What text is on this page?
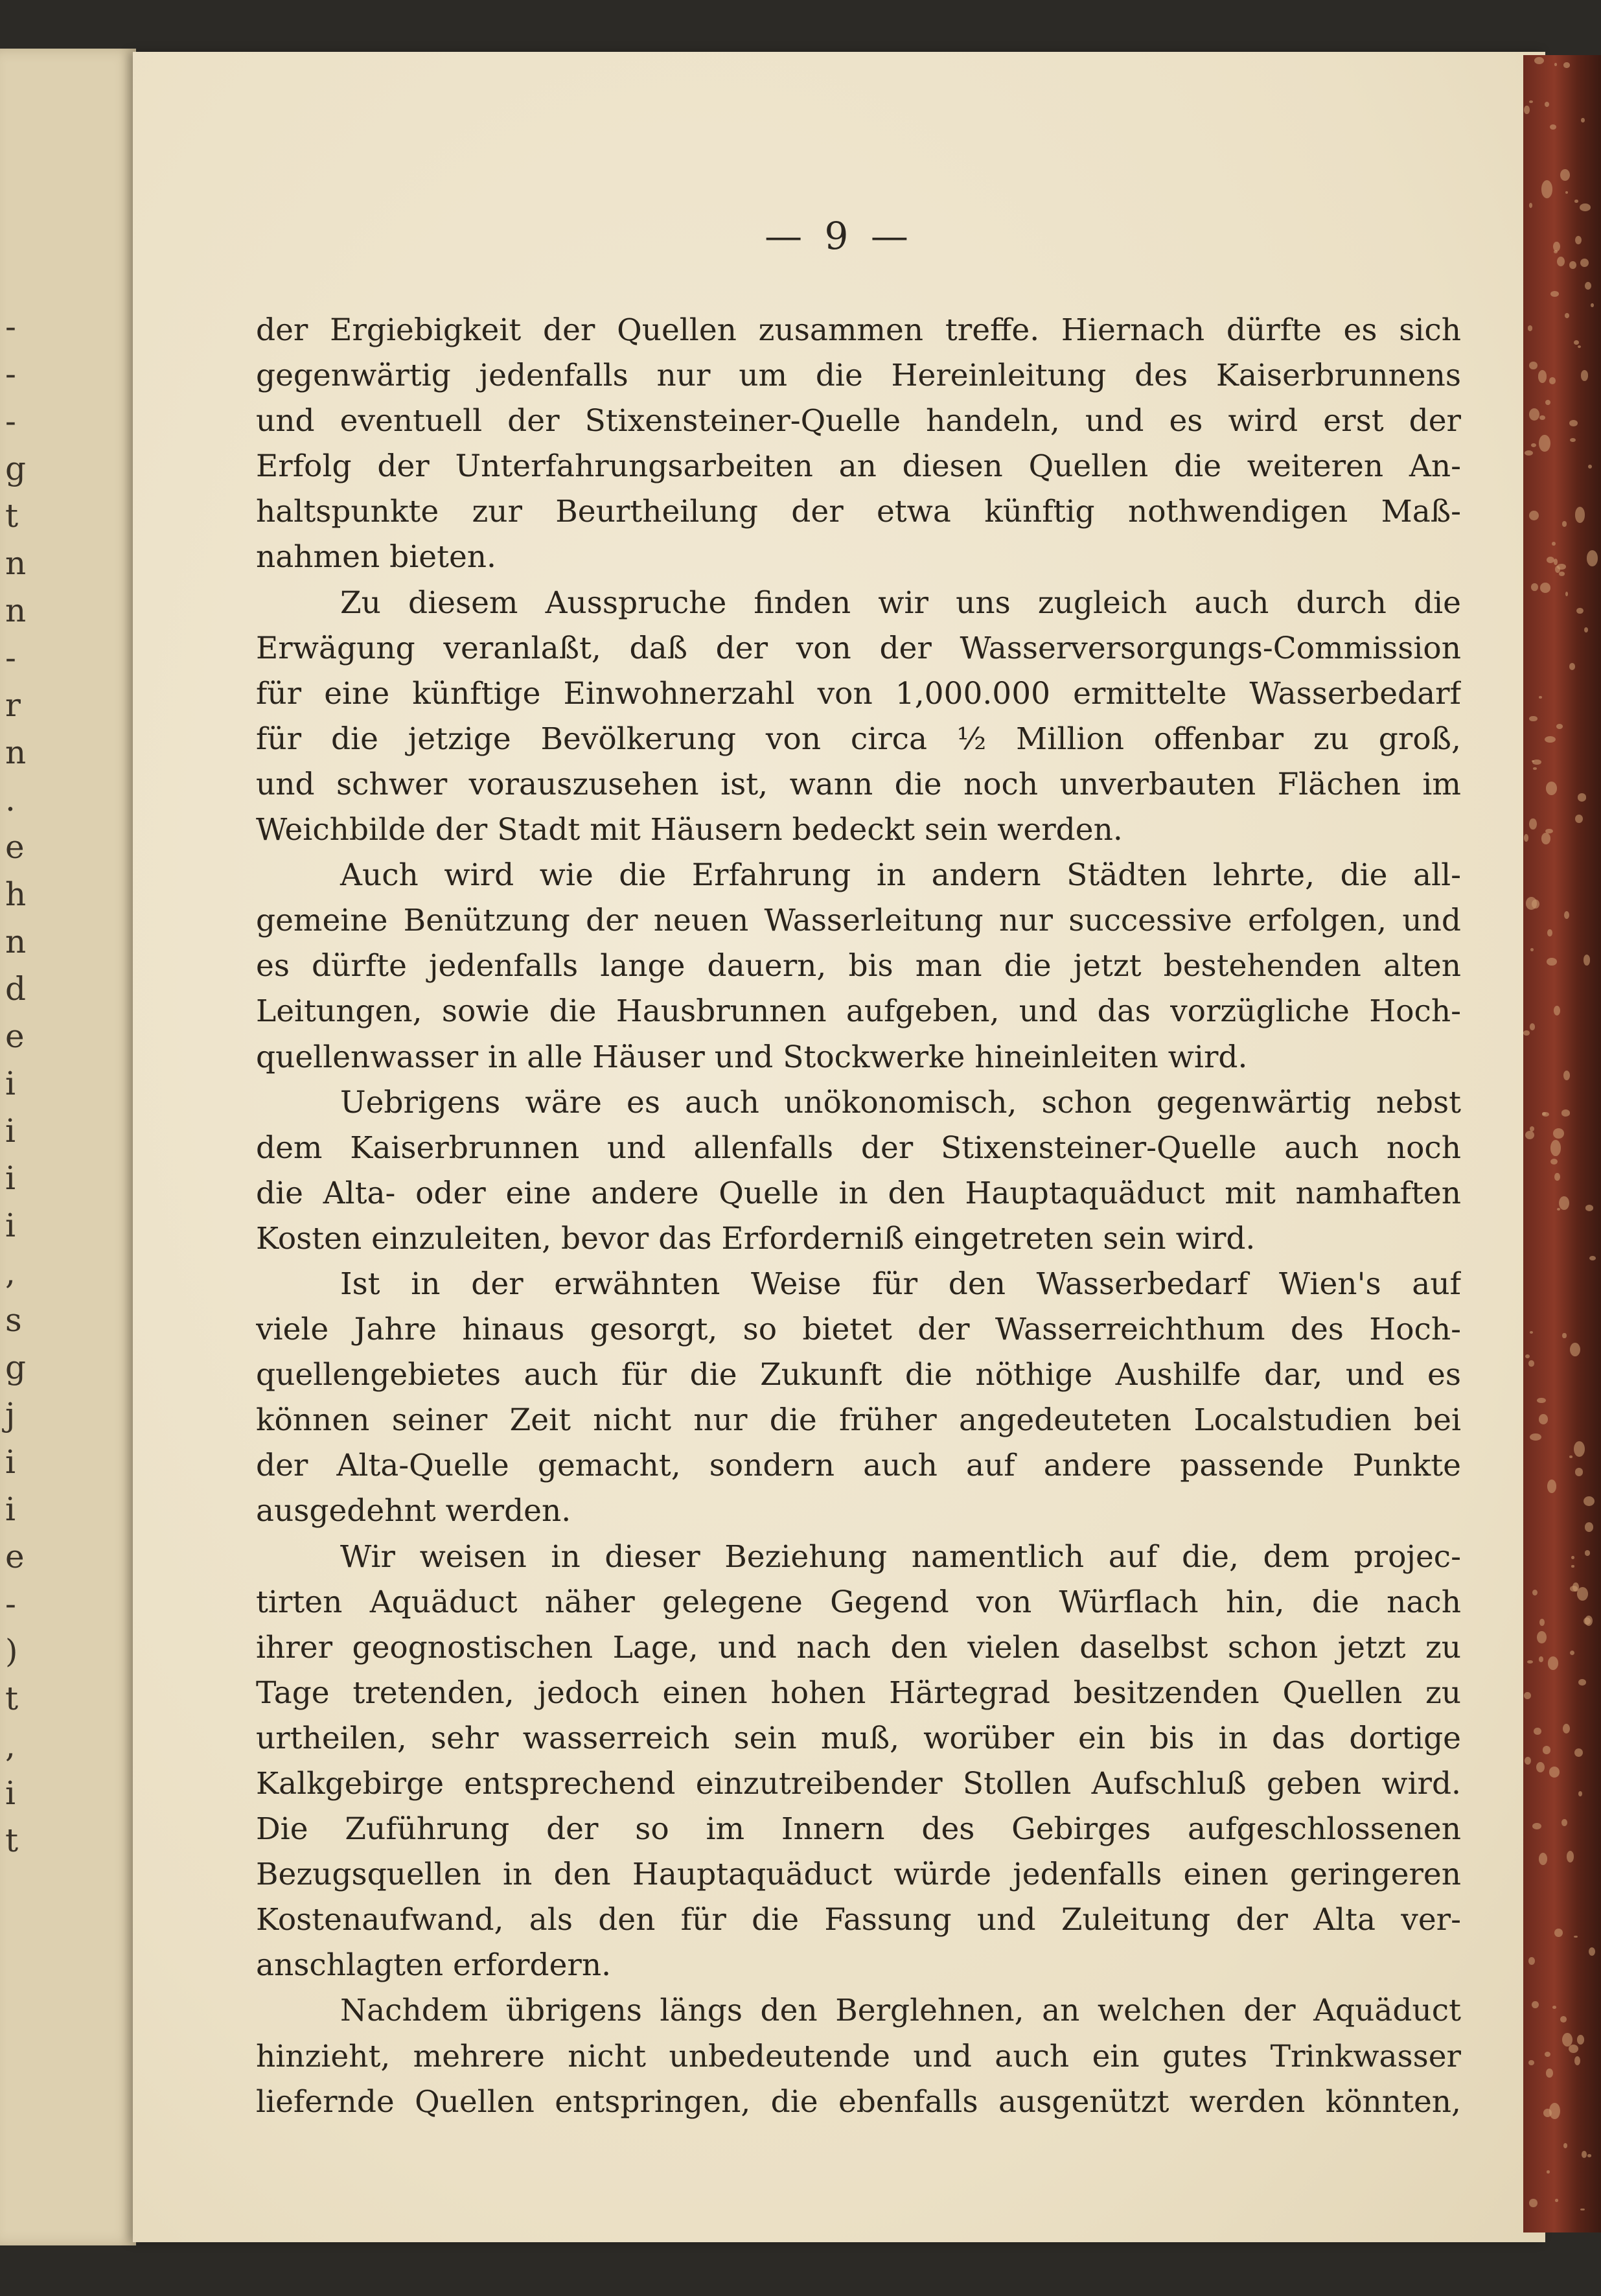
-
-
-
g
t
n
n
-
r
n
.
e
h
n
d
e
i
i
i
i
,
s
g
j
i
i
e
-
)
t
,
i
t
— 9 —
der Ergiebigkeit der Quellen zusammen treffe. Hiernach dürfte es sich
gegenwärtig jedenfalls nur um die Hereinleitung des Kaiserbrunnens
und eventuell der Stixensteiner-Quelle handeln, und es wird erst der
Erfolg der Unterfahrungsarbeiten an diesen Quellen die weiteren An-
haltspunkte zur Beurtheilung der etwa künftig nothwendigen Maß-
nahmen bieten.
Zu diesem Ausspruche finden wir uns zugleich auch durch die
Erwägung veranlaßt, daß der von der Wasserversorgungs-Commission
für eine künftige Einwohnerzahl von 1,000.000 ermittelte Wasserbedarf
für die jetzige Bevölkerung von circa ½ Million offenbar zu groß,
und schwer vorauszusehen ist, wann die noch unverbauten Flächen im
Weichbilde der Stadt mit Häusern bedeckt sein werden.
Auch wird wie die Erfahrung in andern Städten lehrte, die all-
gemeine Benützung der neuen Wasserleitung nur successive erfolgen, und
es dürfte jedenfalls lange dauern, bis man die jetzt bestehenden alten
Leitungen, sowie die Hausbrunnen aufgeben, und das vorzügliche Hoch-
quellenwasser in alle Häuser und Stockwerke hineinleiten wird.
Uebrigens wäre es auch unökonomisch, schon gegenwärtig nebst
dem Kaiserbrunnen und allenfalls der Stixensteiner-Quelle auch noch
die Alta- oder eine andere Quelle in den Hauptaquäduct mit namhaften
Kosten einzuleiten, bevor das Erforderniß eingetreten sein wird.
Ist in der erwähnten Weise für den Wasserbedarf Wien's auf
viele Jahre hinaus gesorgt, so bietet der Wasserreichthum des Hoch-
quellengebietes auch für die Zukunft die nöthige Aushilfe dar, und es
können seiner Zeit nicht nur die früher angedeuteten Localstudien bei
der Alta-Quelle gemacht, sondern auch auf andere passende Punkte
ausgedehnt werden.
Wir weisen in dieser Beziehung namentlich auf die, dem projec-
tirten Aquäduct näher gelegene Gegend von Würflach hin, die nach
ihrer geognostischen Lage, und nach den vielen daselbst schon jetzt zu
Tage tretenden, jedoch einen hohen Härtegrad besitzenden Quellen zu
urtheilen, sehr wasserreich sein muß, worüber ein bis in das dortige
Kalkgebirge entsprechend einzutreibender Stollen Aufschluß geben wird.
Die Zuführung der so im Innern des Gebirges aufgeschlossenen
Bezugsquellen in den Hauptaquäduct würde jedenfalls einen geringeren
Kostenaufwand, als den für die Fassung und Zuleitung der Alta ver-
anschlagten erfordern.
Nachdem übrigens längs den Berglehnen, an welchen der Aquäduct
hinzieht, mehrere nicht unbedeutende und auch ein gutes Trinkwasser
liefernde Quellen entspringen, die ebenfalls ausgenützt werden könnten,
